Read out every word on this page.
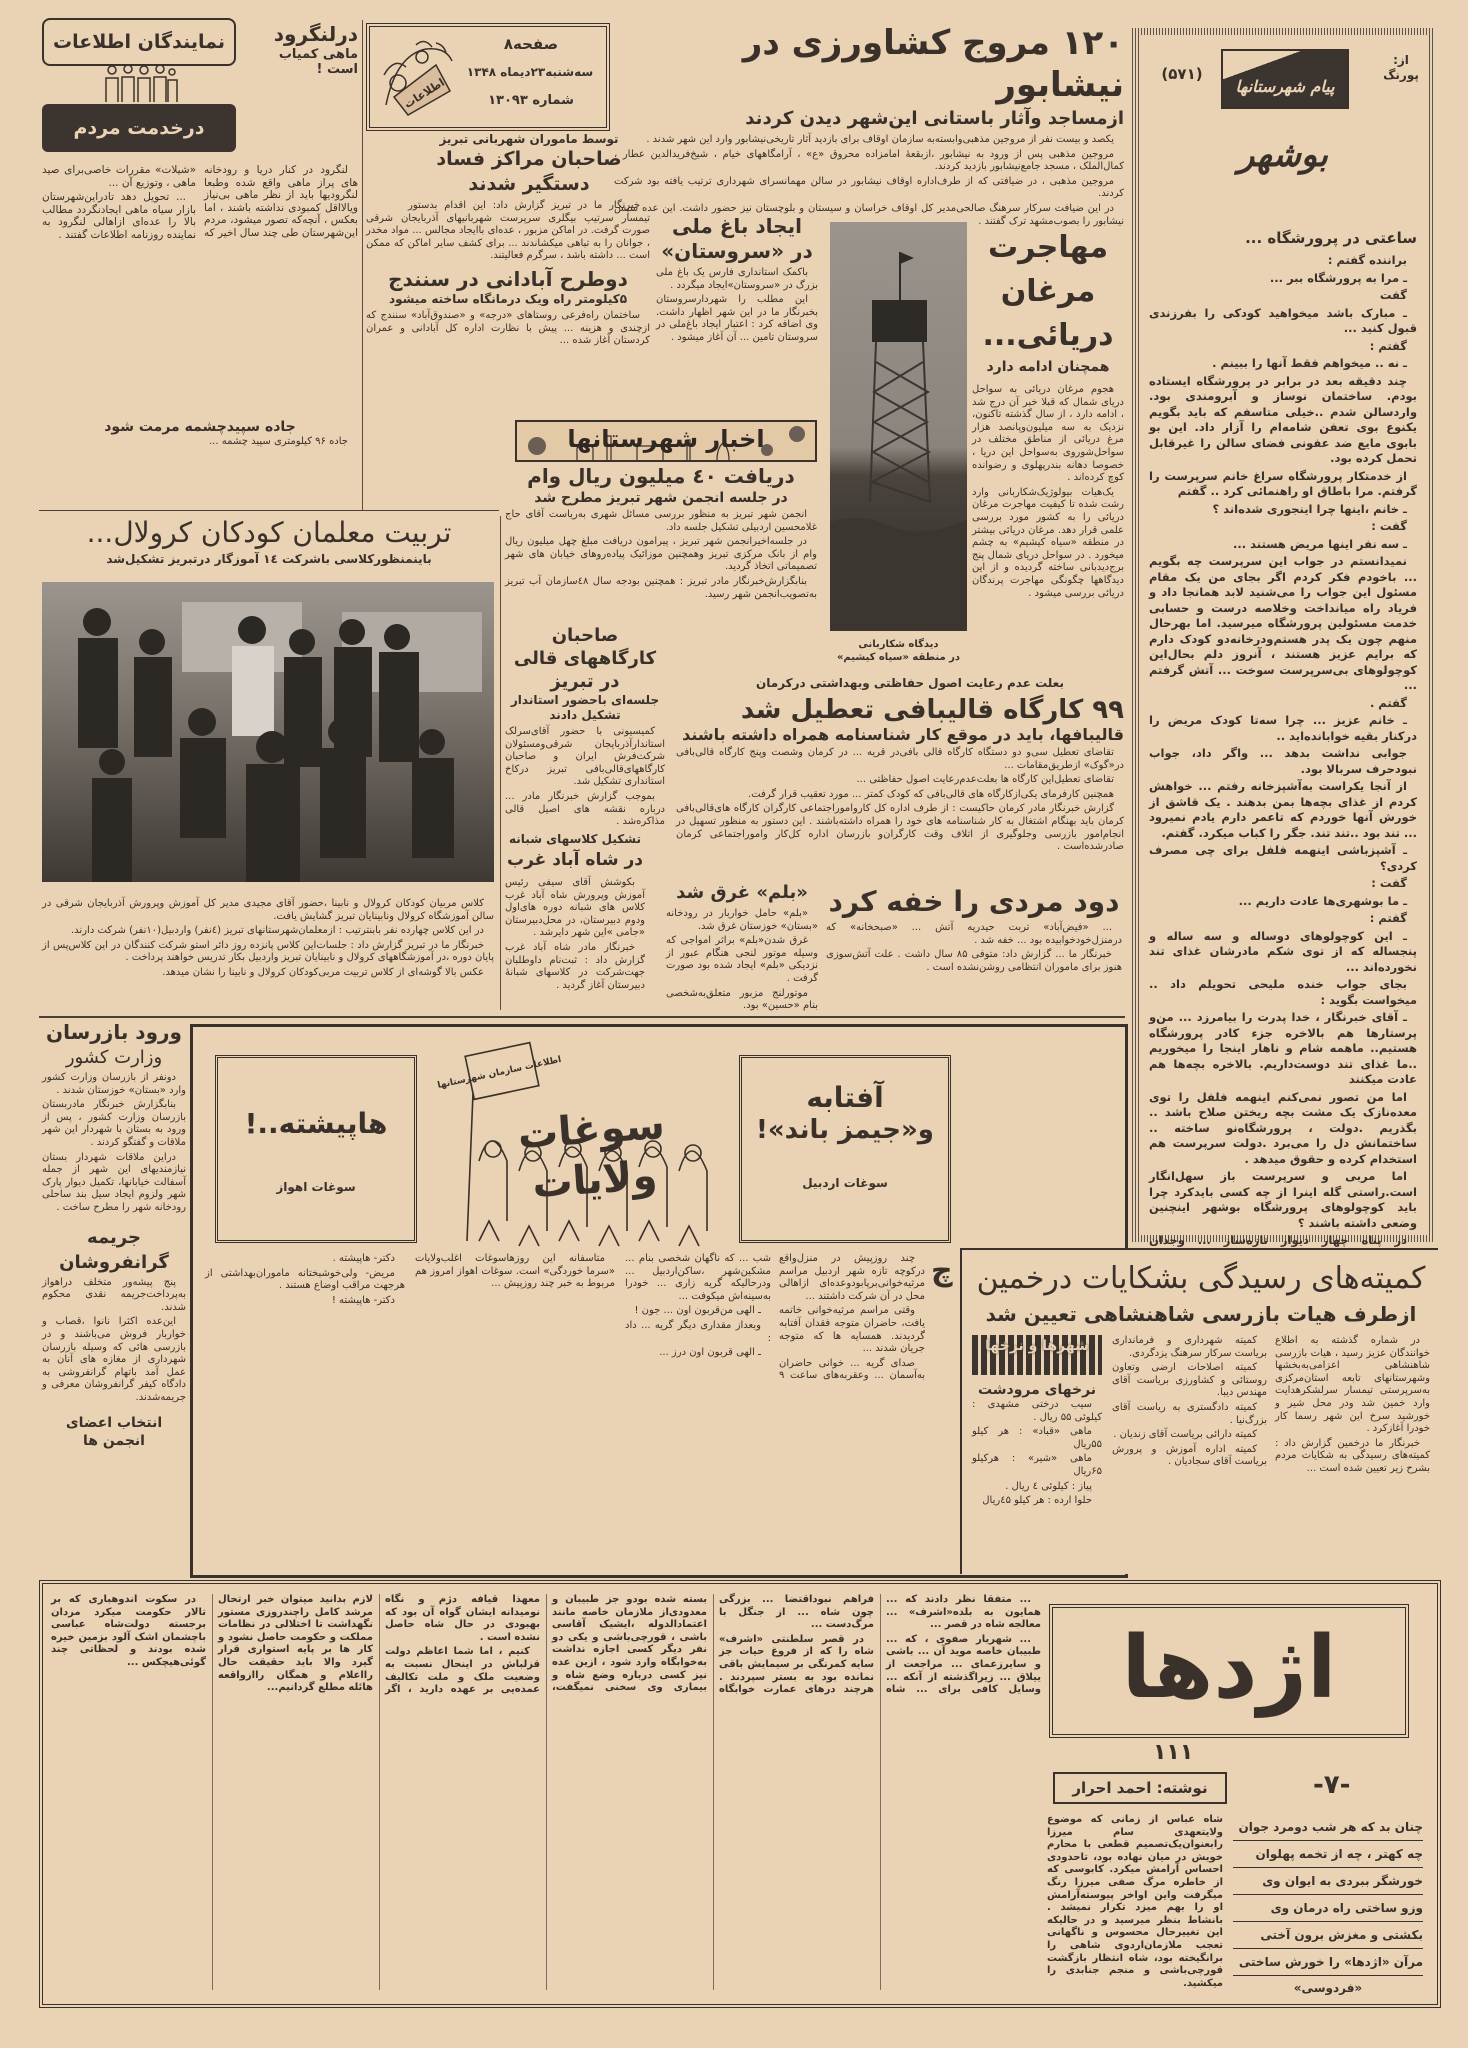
نمایندگان اطلاعات
درخدمت مردم
درلنگرود
ماهی کمیاب است !

لنگرود در کنار دریا و رودخانه های پراز ماهی واقع شده وطبعا لنگرودیها باید از نظر ماهی بی‌نیاز ویالااقل کمبودی نداشته باشند ، اما بعکس ، آنچه‌که تصور میشود، مردم این‌شهرستان طی چند سال اخیر که «شیلات» مقررات خاصی‌برای صید ماهی ، وتوزیع آن ...

... تحویل دهد تادراین‌شهرستان بازار سیاه ماهی ایجادنگردد مطالب بالا را عده‌ای ازاهالی لنگرود به نماینده روزنامه اطلاعات گفتند .

جاده سپیدچشمه مرمت شود

جاده ۹۶ کیلومتری سپید چشمه ...

اطلاعات
صفحه۸
سه‌شنبه۲۳دیماه ۱۳۴۸
شماره ۱۳۰۹۳
توسط ماموران شهربانی تبریز
صاحبان مراکز فساد دستگیر شدند

خبرنگار ما در تبریز گزارش داد: این اقدام بدستور تیمسار سرتیپ بیگلری سرپرست شهربانیهای آذربایجان شرقی صورت گرفت. در اماکن مزبور ، عده‌ای باایجاد مجالس ... مواد مخدر ، جوانان را به تباهی میکشاندند ... برای کشف سایر اماکن که ممکن است ... داشته باشد ، سرگرم فعالیتند.

دوطرح آبادانی در سنندج
۵کیلومتر راه ویک درمانگاه ساخته میشود

ساختمان راه‌فرعی روستاهای «درجه» و «صندوق‌آباد» سنندج که ازچندی و هزینه ... پیش با نظارت اداره کل آبادانی و عمران کردستان آغاز شده ...

۱۲۰ مروج کشاورزی در نیشابور
ازمساجد وآثار باستانی این‌شهر دیدن کردند

یکصد و بیست نفر از مروجین مذهبی‌وابسته‌به سازمان اوقاف برای بازدید آثار تاریخی‌نیشابور وارد این شهر شدند .

مروجین مذهبی پس از ورود به نیشابور ،ازبقعهٔ امامزاده محروق «ع» ، آرامگاههای خیام ، شیخ‌فریدالدین عطار ، کمال‌الملک ، مسجد جامع‌نیشابور بازدید کردند.

مروجین مذهبی ، در ضیافتی که از طرف‌اداره اوقاف نیشابور در سالن مهمانسرای شهرداری ترتیب یافته بود شرکت کردند.

در این ضیافت سرکار سرهنگ صالحی‌مدیر کل اوقاف خراسان و سیستان و بلوچستان نیز حضور داشت. این عده سپس نیشابور را بصوب‌مشهد ترک گفتند .

ایجاد باغ ملی
در «سروستان»

باکمک استانداری فارس یک باغ ملی بزرگ در «سروستان»ایجاد میگردد .

این مطلب را شهردارسروستان بخبرنگار ما در این شهر اظهار داشت. وی اضافه کرد : اعتبار ایجاد باغ‌ملی در سروستان تامین ... آن آغاز میشود .

دیدگاه شکاربانی
در منطقه «سیاه کیشیم»
مهاجرت
مرغان
دریائی...
همچنان ادامه دارد

هجوم مرغان دریائی به سواحل دریای شمال که قبلا خبر آن درج شد ، ادامه دارد ، از سال گذشته تاکنون، نزدیک به سه میلیون‌وپانصد هزار مرغ دریائی از مناطق مختلف در سواحل‌شوروی به‌سواحل این دریا ، خصوصا دهانه بندرپهلوی و رضوانده کوچ کرده‌اند .

یک‌هیات بیولوژیک‌شکاربانی وارد رشت شده تا کیفیت مهاجرت مرغان دریائی را به کشور مورد بررسی علمی قرار دهد. مرغان دریائی بیشتر در منطقه «سیاه کیشیم» به چشم میخورد . در سواحل دریای شمال پنج برج‌دیدبانی ساخته گردیده و از این دیدگاهها چگونگی مهاجرت پرندگان دریائی بررسی میشود .

از:
پورنگ
پیام شهرستانها
(۵۷۱)
بوشهر
ساعتی در پرورشگاه ...

براننده گفتم :

ـ مرا به پرورشگاه ببر ...

گفت

ـ مبارک باشد میخواهید کودکی را بفرزندی قبول کنید ...

گفتم :

ـ نه .. میخواهم فقط آنها را ببینم .

چند دقیقه بعد در برابر در پرورشگاه ایستاده بودم. ساختمان نوساز و آبرومندی بود. واردسالن شدم ..خیلی متاسفم که باید بگویم یکنوع بوی تعفن شامه‌ام را آزار داد. این بو بابوی مایع ضد عفونی فضای سالن را غیرقابل تحمل کرده بود.

از خدمتکار پرورشگاه سراغ خانم سرپرست را گرفتم. مرا باطاق او راهنمائی کرد .. گفتم

ـ خانم ،اینها چرا اینجوری شده‌اند ؟

گفت :

ـ سه نفر اینها مریض هستند ...

نمیدانستم در جواب این سرپرست چه بگویم ... باخودم فکر کردم اگر بجای من یک مقام مسئول این جواب را می‌شنید لابد همانجا داد و فریاد راه میانداخت وخلاصه درست و حسابی خدمت مسئولین پرورشگاه میرسید. اما بهرحال منهم چون یک پدر هستم‌ودرخانه‌دو کودک دارم که برایم عزیز هستند ، آنروز دلم بحال‌این کوچولوهای بی‌سرپرست سوخت ... آتش گرفتم ...

گفتم .

ـ خانم عزیز ... چرا سه‌تا کودک مریض را درکنار بقیه خوابانده‌اید ..

جوابی نداشت بدهد ... واگر داد، جواب نبودحرف سربالا بود.

از آنجا یکراست به‌آشپزخانه رفتم ... خواهش کردم از غذای بچه‌ها بمن بدهند . یک قاشق از خورش آنها خوردم که تاعمر دارم یادم نمیرود ... تند بود ..تند تند. جگر را کباب میکرد. گفتم.

ـ آشپزباشی اینهمه فلفل برای چی مصرف کردی؟

گفت :

ـ ما بوشهری‌ها عادت داریم ...

گفتم :

ـ این کوچولوهای دوساله و سه ساله و پنجساله که از توی شکم مادرشان غذای تند نخورده‌اند ...

بجای جواب خنده ملیحی تحویلم داد .. میخواست بگوید :

ـ آقای خبرنگار ، خدا پدرت را بیامرزد ... من‌و پرستارها هم بالاخره جزء کادر پرورشگاه هستیم.. ماهمه شام و ناهار اینجا را میخوریم ..ما غذای تند دوست‌داریم. بالاخره بچه‌ها هم عادت میکنند

اما من تصور نمی‌کنم اینهمه فلفل را توی معده‌نازک یک مشت بچه ریختن صلاح باشد .. بگذریم .دولت ، پرورشگاه‌نو ساخته .. ساختمانش دل را می‌برد .دولت سرپرست هم استخدام کرده و حقوق میدهد .

اما مربی و سرپرست باز سهل‌انگار است.راستی گله اینرا از چه کسی بایدکرد چرا باید کوچولوهای پرورشگاه بوشهر اینچنین وضعی داشته باشند ؟

در پناه چهار دیوار تازه‌ساز ... وجدان

اخبار شهرستانها
دریافت ٤۰ میلیون ریال وام
در جلسه انجمن شهر تبریز مطرح شد

انجمن شهر تبریز به منظور بررسی مسائل شهری به‌ریاست آقای حاج غلامحسین اردبیلی تشکیل جلسه داد.

در جلسه‌اخیرانجمن شهر تبریز ، پیرامون دریافت مبلغ چهل میلیون ریال وام از بانک مرکزی تبریز وهمچنین موزائیک پیاده‌روهای خیابان های شهر تصمیماتی اتخاذ گردید.

بنابگزارش‌خبرنگار مادر تبریز : همچنین بودجه سال ٤۸سازمان آب تبریز به‌تصویب‌انجمن شهر رسید.

صاحبان کارگاههای قالی در تبریز
جلسه‌ای باحضور استاندار تشکیل دادند

کمیسیونی با حضور آقای‌سرلک استاندارآذربایجان شرقی‌ومسئولان شرکت‌فرش ایران و صاحبان کارگاههای‌قالی‌بافی تبریز درکاخ استانداری تشکیل شد.

بموجب گزارش خبرنگار مادر ... درباره نقشه های اصیل قالی مذاکره‌شد .

تشکیل کلاسهای شبانه
در شاه آباد غرب

بکوشش آقای سیفی رئیس آموزش وپرورش شاه آباد غرب کلاس های شبانه دوره های‌اول ودوم دبیرستان، در محل‌دبیرستان «جامی »این شهر دایرشد .

خبرنگار مادر شاه آباد غرب گزارش داد : ثبت‌نام داوطلبان جهت‌شرکت در کلاسهای شبانهٔ دبیرستان آغاز گردید .

«بلم» غرق شد

«بلم» حامل خواربار در رودخانه «بستان» خوزستان غرق شد.

غرق شدن«بلم» براثر امواجی که وسیله موتور لنجی هنگام عبور از نزدیکی «بلم» ایجاد شده بود صورت گرفت .

موتورلنج مزبور متعلق‌به‌شخصی بنام «حسین» بود.

بعلت عدم رعایت اصول حفاظتی وبهداشتی درکرمان
۹۹ کارگاه قالیبافی تعطیل شد
قالیبافها، باید در موقع کار شناسنامه همراه داشته باشند

تقاضای تعطیل سی‌و دو دستگاه کارگاه قالی بافی‌در قریه ... در کرمان وشصت وپنج کارگاه قالی‌بافی در«گوک» ازطریق‌مقامات ...

تقاضای تعطیل‌این کارگاه ها بعلت‌عدم‌رعایت اصول حفاظتی ...

همچنین کارفرمای یکی‌ازکارگاه های قالی‌بافی که کودک کمتر ... مورد تعقیب قرار گرفت.

گزارش خبرنگار مادر کرمان حاکیست : از طرف اداره کل کارواموراجتماعی کارگران کارگاه های‌قالی‌بافی کرمان باید بهنگام اشتغال به کار شناسنامه های خود را همراه داشته‌باشند . این دستور به منظور تسهیل در انجام‌امور بازرسی وجلوگیری از اتلاف وقت کارگران‌و بازرسان اداره کل‌کار واموراجتماعی کرمان صادرشده‌است .

دود مردی را خفه کرد

... «فیض‌آباد» تربت حیدریه آتش ... «صبحخانه» که درمنزل‌خودخوابیده بود ... خفه شد .

خبرنگار ما ... گزارش داد: متوفی ۸۵ سال داشت . علت آتش‌سوزی هنوز برای ماموران انتظامی روشن‌نشده است .

تربیت معلمان کودکان کرولال...
باینمنظورکلاسی باشرکت ۱٤ آموزگار درتبریز تشکیل‌شد

کلاس مربیان کودکان کرولال و نابینا ،حضور آقای مجیدی مدیر کل آموزش وپرورش آذربایجان شرقی در سالن آموزشگاه کرولال ونابینایان تبریز گشایش یافت.

در این کلاس چهارده نفر بابنترتیب : ازمعلمان‌شهرستانهای تبریز (٤نفر) واردبیل(۱۰نفر) شرکت دارند.

خبرنگار ما در تبریز گزارش داد : جلسات‌این کلاس پانزده روز دائر استو شرکت کنندگان در این کلاس‌پس از پایان دوره ،در آموزشگاههای کرولال و نابینایان تبریز واردبیل بکار تدریس خواهند پرداخت .

عکس بالا گوشه‌ای از کلاس تربیت مربی‌کودکان کرولال و نابینا را نشان میدهد.

ورود بازرسان
وزارت کشور

دونفر از بازرسان وزارت کشور وارد «بستان» خوزستان شدند .

بنابگزارش خبرنگار مادربستان بازرسان وزارت کشور ، پس از ورود به بستان با شهردار این شهر ملاقات و گفتگو کردند .

دراین ملاقات شهردار بستان نیازمندیهای این شهر از جمله آسفالت خیابانها، تکمیل دیوار پارک شهر ولزوم ایجاد سیل بند ساحلی رودخانه شهر را مطرح ساخت .

جریمه گرانفروشان

پنج پیشه‌ور متخلف دراهواز به‌پرداخت‌جریمه نقدی محکوم شدند.

این‌عده اکثرا نانوا ،قصاب و خواربار فروش می‌باشند و در بازرسی هائی که وسیله بازرسان شهرداری از مغازه های آنان به عمل آمد باتهام گرانفروشی به دادگاه کیفر گرانفروشان معرفی و جریمه‌شدند.

انتخاب اعضای
انجمن ها
هاپیشته..!
سوغات اهواز
اطلاعات سازمان شهرستانها
سوغات ولایات
آفتابه
و«جیمز باند»!
سوغات اردبیل

دکتر- هاپیشته .

مریض- ولی‌خوشبختانه ماموران‌بهداشتی از هرجهت مراقب اوضاع هستند .

دکتر- هاپیشته !

متاسفانه این روزهاسوغات اغلب‌ولایات «سرما خوردگی» است. سوغات اهواز امروز هم مربوط به خبر چند روزپیش ...	چ

چند روزپیش در منزل‌واقع درکوچه تازه شهر اردبیل مراسم مرثیه‌خوانی‌برپابود‌وعده‌ای ازاهالی محل در آن شرکت داشتند ...

وقتی مراسم مرثیه‌خوانی خاتمه یافت، حاضران متوجه فقدان آفتابه گردیدند. همسایه ها که متوجه جریان شدند ...

صدای گریه ... خوانی حاضران به‌آسمان ... وعقربه‌های ساعت ۹ شب ... که ناگهان شخصی بنام ... مشکین‌شهر ،ساکن‌اردبیل ... ودرحالیکه گریه زاری ... خودرا به‌سینه‌اش میکوفت ...

ـ الهی من‌قربون اون ... جون !

وبعداز مقداری دیگر گریه ... داد :

ـ الهی قربون اون درز ...

کمیته‌های رسیدگی بشکایات درخمین
ازطرف هیات بازرسی شاهنشاهی تعیین شد

در شماره گذشته به اطلاع خوانندگان عزیز رسید ، هیات بازرسی شاهنشاهی اعزامی‌به‌بخشها وشهرستانهای تابعه استان‌مرکزی به‌سرپرستی تیمسار سرلشکرهدایت وارد خمین شد ودر محل شیر و خورشید سرخ این شهر رسما کار خودرا آغازکرد .

خبرنگار ما درخمین گزارش داد : کمیته‌های رسیدگی به شکایات مردم بشرح زیر تعیین شده است ...

کمیته شهرداری و فرمانداری بریاست سرکار سرهنگ یزدگردی.

کمیته اصلاحات ارضی وتعاون روستائی و کشاورزی بریاست آقای مهندس دیبا.

کمیته دادگستری به ریاست آقای بزرگ‌نیا .

کمیته دارائی بریاست آقای زندیان .

کمیته اداره آموزش و پرورش بریاست آقای سجادیان .

شهرها و نرخها
نرخهای مرودشت

سیب درختی مشهدی : کیلوئی ۵۵ ریال .

ماهی «قباد» : هر کیلو ۵۵ریال

ماهی «شیر» : هرکیلو ۶۵ریال

پیاز : کیلوئی ٤ ریال .

حلوا ارده : هر کیلو ٤۵ریال

... متفقا نظر دادند که ... همایون به بلده«اشرف» ... معالجه شاه در قصر ...

... شهریار صفوی ، که ... طبیبان خاصه موید آن ... باشی و سایرزعمای ... مراجعت از ییلاق ... زیراگذشته از آنکه ... وسایل کافی برای ... شاه فراهم نبوداقتضا ... بزرگی چون شاه ... از جنگل با مرگ‌دست ...

در قصر سلطنتی «اشرف» شاه را که از فروغ حیات جز سایه کمرنگی بر سیمایش باقی نمانده بود به بستر سپردند . هرچند درهای عمارت خوابگاه بسته شده بودو جز طبیبان و معدودی‌از ملازمان خاصه مانند اعتمادالدوله ،ایشیک آقاسی باشی ، قورچی‌باشی و یکی دو نفر دیگر کسی اجازه نداشت به‌خوابگاه وارد شود ، ازین عده نیز کسی درباره وضع شاه و بیماری وی سخنی نمیگفت، معهذا قیافه دژم و نگاه نومیدانه ایشان گواه آن بود که بهبودی در حال شاه حاصل نشده است .

کنیم ، اما شما اعاظم دولت قزلباش در اینحال نسبت به وضعیت ملک و ملت تکالیف عمده‌یی بر عهده دارید ، اگر لازم بدانید میتوان خبر ارتحال مرشد کامل راچندروزی مستور نگهداشت تا اختلالی در نظامات مملکت و حکومت حاصل نشود و کار ها بر پایه استواری قرار گیرد والا باید حقیقت حال رااعلام و همگان راازواقعه هائله مطلع گردانیم...

در سکوت اندوهباری که بر تالار حکومت میکرد مردان برجسته دولت‌شاه عباسی باچشمان اشک آلود بزمین خیره شده بودند و لحظاتی چند گوئی‌هیچکس ...	اژدها
۱۱۱
نوشته: احمد احرار	-۷-
شاه عباس از زمانی که موضوع ولایتعهدی سام میرزا رابعنوان‌یک‌تصمیم قطعی با محارم خویش در میان نهاده بود، تاحدودی احساس آرامش میکرد. کابوسی که از خاطره مرگ صفی میرزا رنگ میگرفت واین اواخر پیوسته‌آرامش او را بهم میزد تکرار نمیشد . بانشاط بنظر میرسید و در حالیکه این تغییرحال محسوس و ناگهانی تعجب ملازمان‌اردوی شاهی را برانگیخته بود، شاه انتظار بازگشت قورچی‌باشی و منجم جنابدی را میکشید.
چنان بد که هر شب دومرد جوان
چه کهتر ، چه از تخمه پهلوان
خورشگر ببردی به ایوان وی
وزو ساختی راه درمان وی
بکشتی و مغزش برون آختی
مرآن «اژدها» را خورش ساختی
«فردوسی»
